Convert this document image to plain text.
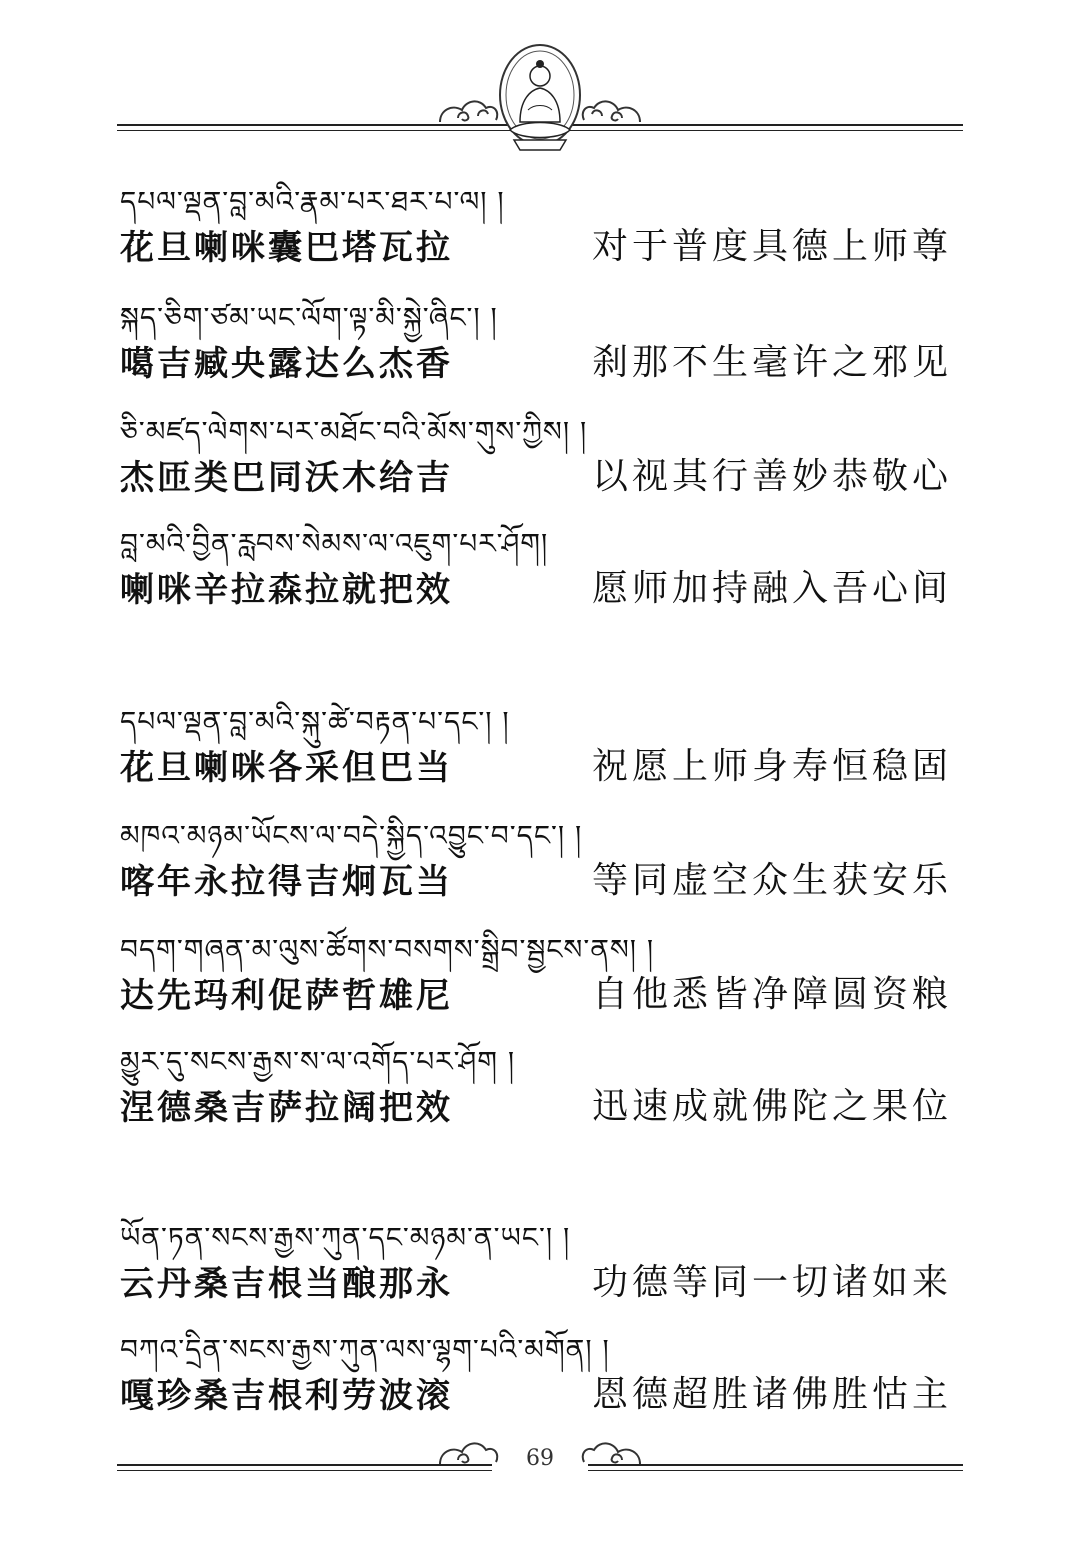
དཔལ་ལྡན་བླ་མའི་རྣམ་པར་ཐར་པ་ལ། །
花旦喇咪囊巴塔瓦拉	对于普度具德上师尊
སྐད་ཅིག་ཙམ་ཡང་ལོག་ལྟ་མི་སྐྱེ་ཞིང་། །
噶吉臧央露达么杰香	刹那不生毫许之邪见
ཅི་མཛད་ལེགས་པར་མཐོང་བའི་མོས་གུས་ཀྱིས། །
杰匝类巴同沃木给吉	以视其行善妙恭敬心
བླ་མའི་བྱིན་རླབས་སེམས་ལ་འཇུག་པར་ཤོག།
喇咪辛拉森拉就把效	愿师加持融入吾心间
དཔལ་ལྡན་བླ་མའི་སྐུ་ཚེ་བརྟན་པ་དང་། །
花旦喇咪各采但巴当	祝愿上师身寿恒稳固
མཁའ་མཉམ་ཡོངས་ལ་བདེ་སྐྱིད་འབྱུང་བ་དང་། །
喀年永拉得吉炯瓦当	等同虚空众生获安乐
བདག་གཞན་མ་ལུས་ཚོགས་བསགས་སྒྲིབ་སྦྱངས་ནས། །
达先玛利促萨哲雄尼	自他悉皆净障圆资粮
མྱུར་དུ་སངས་རྒྱས་ས་ལ་འགོད་པར་ཤོག །
涅德桑吉萨拉阔把效	迅速成就佛陀之果位
ཡོན་ཏན་སངས་རྒྱས་ཀུན་དང་མཉམ་ན་ཡང་། །
云丹桑吉根当酿那永	功德等同一切诸如来
བཀའ་དྲིན་སངས་རྒྱས་ཀུན་ལས་ལྷག་པའི་མགོན། །
嘎珍桑吉根利劳波滚	恩德超胜诸佛胜怙主
69
